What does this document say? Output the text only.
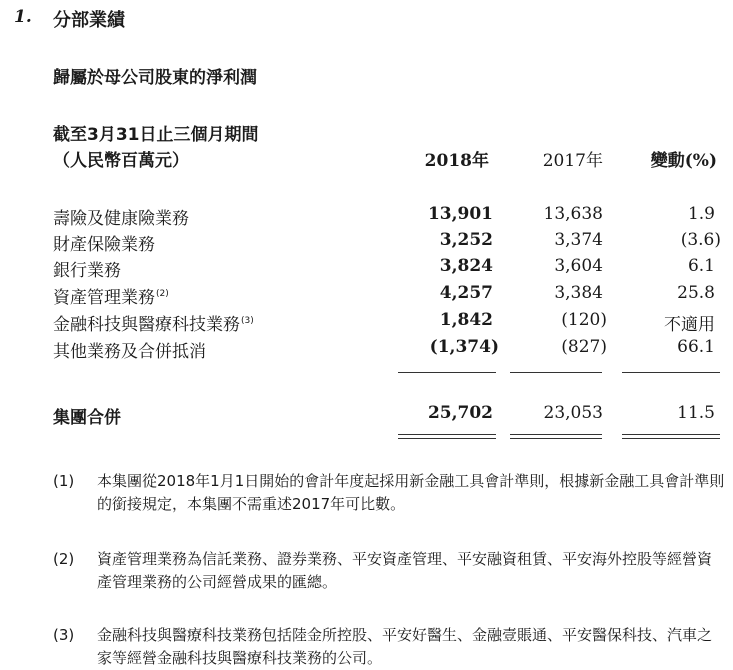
1. 分部業績
歸屬於母公司股東的淨利潤
截至3月31日止三個月期間
（人民幣百萬元）	2018年	2017年	變動(%)
壽險及健康險業務	13,901	13,638	1.9
財產保險業務	3,252	3,374	(3.6)
銀行業務	3,824	3,604	6.1
資產管理業務$^{(2)}$	4,257	3,384	25.8
金融科技與醫療科技業務$^{(3)}$	1,842	(120)	不適用
其他業務及合併抵消	(1,374)	(827)	66.1
集團合併	25,702	23,053	11.5
(1) 本集團從2018年1月1日開始的會計年度起採用新金融工具會計準則，根據新金融工具會計準則的銜接規定，本集團不需重述2017年可比數。
(2) 資產管理業務為信託業務、證券業務、平安資產管理、平安融資租賃、平安海外控股等經營資產管理業務的公司經營成果的匯總。
(3) 金融科技與醫療科技業務包括陸金所控股、平安好醫生、金融壹賬通、平安醫保科技、汽車之家等經營金融科技與醫療科技業務的公司。
